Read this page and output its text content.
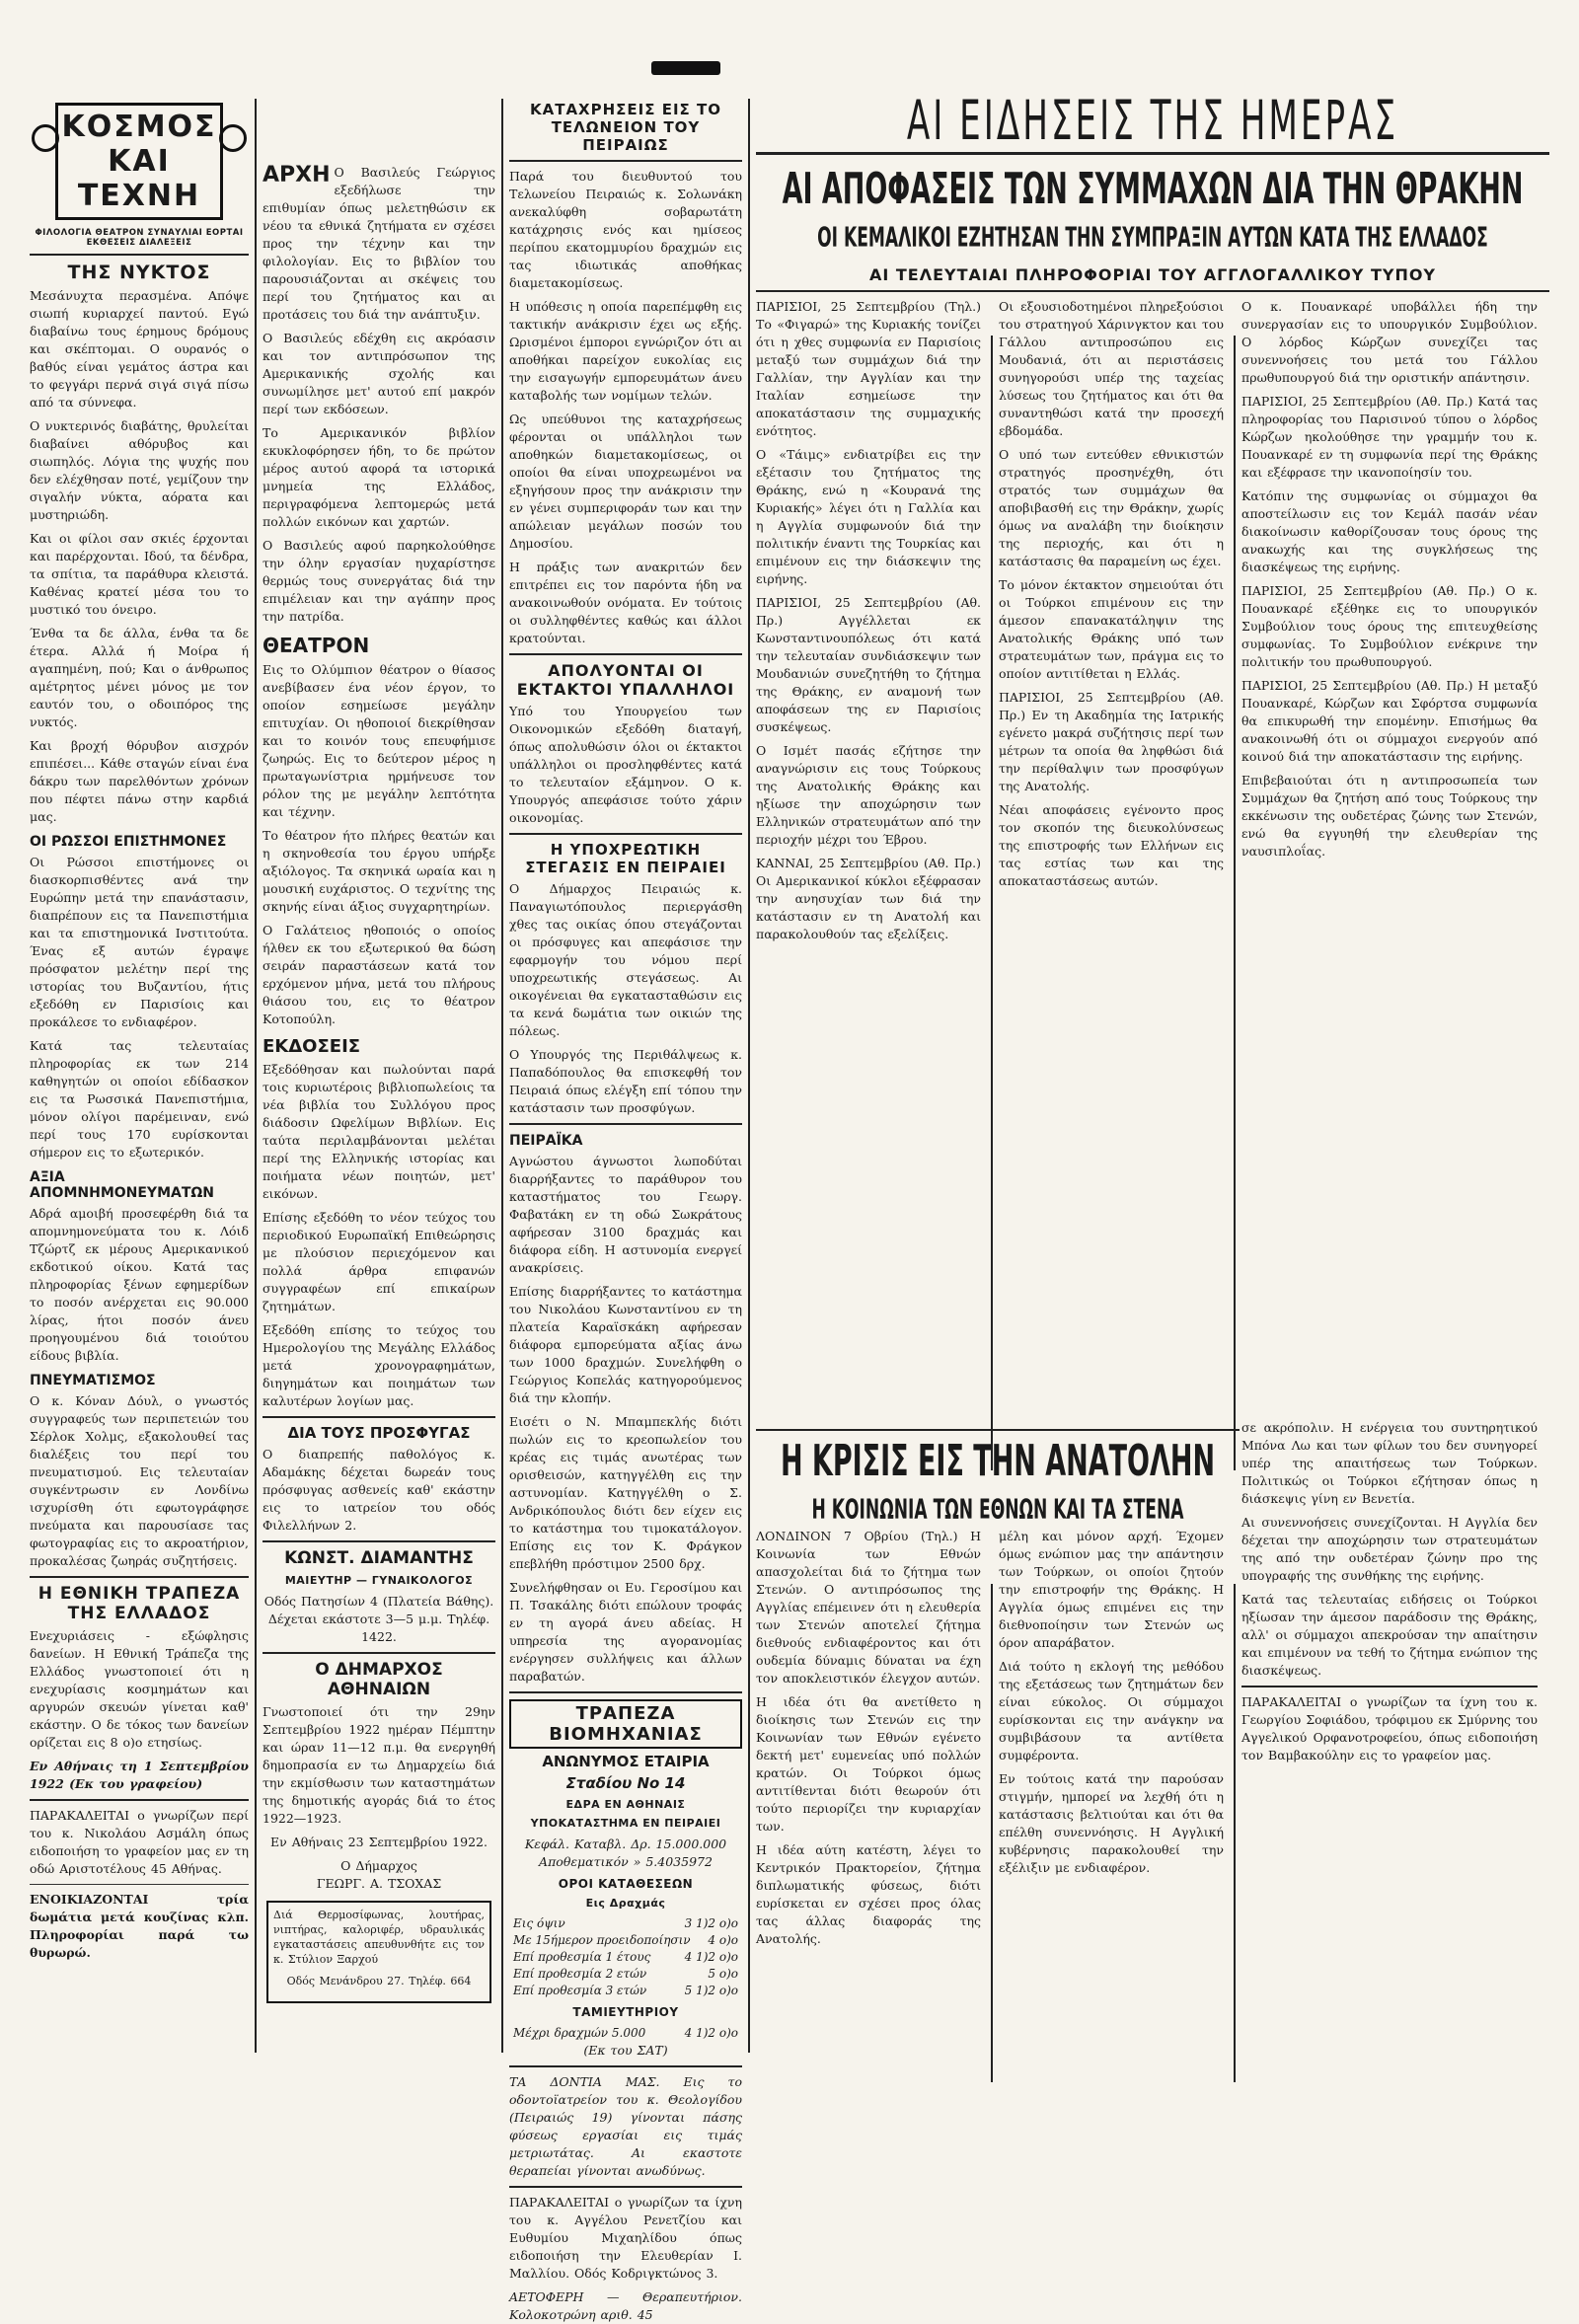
ΚΟΣΜΟΣ ΚΑΙ ΤΕΧΝΗ
ΦΙΛΟΛΟΓΙΑ ΘΕΑΤΡΟΝ ΣΥΝΑΥΛΙΑΙ ΕΟΡΤΑΙ ΕΚΘΕΣΕΙΣ ΔΙΑΛΕΞΕΙΣ
ΤΗΣ ΝΥΚΤΟΣ

Μεσάνυχτα περασμένα. Απόψε σιωπή κυριαρχεί παντού. Εγώ διαβαίνω τους έρημους δρόμους και σκέπτομαι. Ο ουρανός ο βαθύς είναι γεμάτος άστρα και το φεγγάρι περνά σιγά σιγά πίσω από τα σύννεφα.

Ο νυκτερινός διαβάτης, θρυλείται διαβαίνει αθόρυβος και σιωπηλός. Λόγια της ψυχής που δεν ελέχθησαν ποτέ, γεμίζουν την σιγαλήν νύκτα, αόρατα και μυστηριώδη.

Και οι φίλοι σαν σκιές έρχονται και παρέρχονται. Ιδού, τα δένδρα, τα σπίτια, τα παράθυρα κλειστά. Καθένας κρατεί μέσα του το μυστικό του όνειρο.

Ένθα τα δε άλλα, ένθα τα δε έτερα. Αλλά ή Μοίρα ή αγαπημένη, πού; Και ο άνθρωπος αμέτρητος μένει μόνος με τον εαυτόν του, ο οδοιπόρος της νυκτός.

Και βροχή θόρυβον αισχρόν επιπέσει... Κάθε σταγών είναι ένα δάκρυ των παρελθόντων χρόνων που πέφτει πάνω στην καρδιά μας.

ΟΙ ΡΩΣΣΟΙ ΕΠΙΣΤΗΜΟΝΕΣ

Οι Ρώσσοι επιστήμονες οι διασκορπισθέντες ανά την Ευρώπην μετά την επανάστασιν, διαπρέπουν εις τα Πανεπιστήμια και τα επιστημονικά Ινστιτούτα. Ένας εξ αυτών έγραψε πρόσφατον μελέτην περί της ιστορίας του Βυζαντίου, ήτις εξεδόθη εν Παρισίοις και προκάλεσε το ενδιαφέρον.

Κατά τας τελευταίας πληροφορίας εκ των 214 καθηγητών οι οποίοι εδίδασκον εις τα Ρωσσικά Πανεπιστήμια, μόνον ολίγοι παρέμειναν, ενώ περί τους 170 ευρίσκονται σήμερον εις το εξωτερικόν.

ΑΞΙΑ ΑΠΟΜΝΗΜΟΝΕΥΜΑΤΩΝ

Αδρά αμοιβή προσεφέρθη διά τα απομνημονεύματα του κ. Λόιδ Τζώρτζ εκ μέρους Αμερικανικού εκδοτικού οίκου. Κατά τας πληροφορίας ξένων εφημερίδων το ποσόν ανέρχεται εις 90.000 λίρας, ήτοι ποσόν άνευ προηγουμένου διά τοιούτου είδους βιβλία.

ΠΝΕΥΜΑΤΙΣΜΟΣ

Ο κ. Κόναν Δόυλ, ο γνωστός συγγραφεύς των περιπετειών του Σέρλοκ Χολμς, εξακολουθεί τας διαλέξεις του περί του πνευματισμού. Εις τελευταίαν συγκέντρωσιν εν Λονδίνω ισχυρίσθη ότι εφωτογράφησε πνεύματα και παρουσίασε τας φωτογραφίας εις το ακροατήριον, προκαλέσας ζωηράς συζητήσεις.

Η ΕΘΝΙΚΗ ΤΡΑΠΕΖΑ ΤΗΣ ΕΛΛΑΔΟΣ

Ενεχυριάσεις - εξώφλησις δανείων. Η Εθνική Τράπεζα της Ελλάδος γνωστοποιεί ότι η ενεχυρίασις κοσμημάτων και αργυρών σκευών γίνεται καθ' εκάστην. Ο δε τόκος των δανείων ορίζεται εις 8 ο)ο ετησίως.

Εν Αθήναις τη 1 Σεπτεμβρίου 1922 (Εκ του γραφείου)

ΠΑΡΑΚΑΛΕΙΤΑΙ ο γνωρίζων περί του κ. Νικολάου Ασμάλη όπως ειδοποιήση το γραφείον μας εν τη οδώ Αριστοτέλους 45 Αθήνας.

ΕΝΟΙΚΙΑΖΟΝΤΑΙ τρία δωμάτια μετά κουζίνας κλπ. Πληροφορίαι παρά τω θυρωρώ.

ΑΡΧΗ Ο Βασιλεύς Γεώργιος εξεδήλωσε την επιθυμίαν όπως μελετηθώσιν εκ νέου τα εθνικά ζητήματα εν σχέσει προς την τέχνην και την φιλολογίαν. Εις το βιβλίον του παρουσιάζονται αι σκέψεις του περί του ζητήματος και αι προτάσεις του διά την ανάπτυξιν.

Ο Βασιλεύς εδέχθη εις ακρόασιν και τον αντιπρόσωπον της Αμερικανικής σχολής και συνωμίλησε μετ' αυτού επί μακρόν περί των εκδόσεων.

Το Αμερικανικόν βιβλίον εκυκλοφόρησεν ήδη, το δε πρώτον μέρος αυτού αφορά τα ιστορικά μνημεία της Ελλάδος, περιγραφόμενα λεπτομερώς μετά πολλών εικόνων και χαρτών.

Ο Βασιλεύς αφού παρηκολούθησε την όλην εργασίαν ηυχαρίστησε θερμώς τους συνεργάτας διά την επιμέλειαν και την αγάπην προς την πατρίδα.

ΘΕΑΤΡΟΝ

Εις το Ολύμπιον θέατρον ο θίασος ανεβίβασεν ένα νέον έργον, το οποίον εσημείωσε μεγάλην επιτυχίαν. Οι ηθοποιοί διεκρίθησαν και το κοινόν τους επευφήμισε ζωηρώς. Εις το δεύτερον μέρος η πρωταγωνίστρια ηρμήνευσε τον ρόλον της με μεγάλην λεπτότητα και τέχνην.

Το θέατρον ήτο πλήρες θεατών και η σκηνοθεσία του έργου υπήρξε αξιόλογος. Τα σκηνικά ωραία και η μουσική ευχάριστος. Ο τεχνίτης της σκηνής είναι άξιος συγχαρητηρίων.

Ο Γαλάτειος ηθοποιός ο οποίος ήλθεν εκ του εξωτερικού θα δώση σειράν παραστάσεων κατά τον ερχόμενον μήνα, μετά του πλήρους θιάσου του, εις το θέατρον Κοτοπούλη.

ΕΚΔΟΣΕΙΣ

Εξεδόθησαν και πωλούνται παρά τοις κυριωτέροις βιβλιοπωλείοις τα νέα βιβλία του Συλλόγου προς διάδοσιν Ωφελίμων Βιβλίων. Εις ταύτα περιλαμβάνονται μελέται περί της Ελληνικής ιστορίας και ποιήματα νέων ποιητών, μετ' εικόνων.

Επίσης εξεδόθη το νέον τεύχος του περιοδικού Ευρωπαϊκή Επιθεώρησις με πλούσιον περιεχόμενον και πολλά άρθρα επιφανών συγγραφέων επί επικαίρων ζητημάτων.

Εξεδόθη επίσης το τεύχος του Ημερολογίου της Μεγάλης Ελλάδος μετά χρονογραφημάτων, διηγημάτων και ποιημάτων των καλυτέρων λογίων μας.

ΔΙΑ ΤΟΥΣ ΠΡΟΣΦΥΓΑΣ

Ο διαπρεπής παθολόγος κ. Αδαμάκης δέχεται δωρεάν τους πρόσφυγας ασθενείς καθ' εκάστην εις το ιατρείον του οδός Φιλελλήνων 2.

ΚΩΝΣΤ. ΔΙΑΜΑΝΤΗΣ
ΜΑΙΕΥΤΗΡ — ΓΥΝΑΙΚΟΛΟΓΟΣ

Οδός Πατησίων 4 (Πλατεία Βάθης). Δέχεται εκάστοτε 3—5 μ.μ. Τηλέφ. 1422.

Ο ΔΗΜΑΡΧΟΣ ΑΘΗΝΑΙΩΝ

Γνωστοποιεί ότι την 29ην Σεπτεμβρίου 1922 ημέραν Πέμπτην και ώραν 11—12 π.μ. θα ενεργηθή δημοπρασία εν τω Δημαρχείω διά την εκμίσθωσιν των καταστημάτων της δημοτικής αγοράς διά το έτος 1922—1923.

Εν Αθήναις 23 Σεπτεμβρίου 1922.

Ο Δήμαρχος

ΓΕΩΡΓ. Α. ΤΣΟΧΑΣ

Διά Θερμοσίφωνας, λουτήρας, νιπτήρας, καλοριφέρ, υδραυλικάς εγκαταστάσεις απευθυνθήτε εις τον κ. Στύλιον Ξαρχού

Οδός Μενάνδρου 27. Τηλέφ. 664

ΚΑΤΑΧΡΗΣΕΙΣ ΕΙΣ ΤΟ ΤΕΛΩΝΕΙΟΝ ΤΟΥ ΠΕΙΡΑΙΩΣ

Παρά του διευθυντού του Τελωνείου Πειραιώς κ. Σολωνάκη ανεκαλύφθη σοβαρωτάτη κατάχρησις ενός και ημίσεος περίπου εκατομμυρίου δραχμών εις τας ιδιωτικάς αποθήκας διαμετακομίσεως.

Η υπόθεσις η οποία παρεπέμφθη εις τακτικήν ανάκρισιν έχει ως εξής. Ωρισμένοι έμποροι εγνώριζον ότι αι αποθήκαι παρείχον ευκολίας εις την εισαγωγήν εμπορευμάτων άνευ καταβολής των νομίμων τελών.

Ως υπεύθυνοι της καταχρήσεως φέρονται οι υπάλληλοι των αποθηκών διαμετακομίσεως, οι οποίοι θα είναι υποχρεωμένοι να εξηγήσουν προς την ανάκρισιν την εν γένει συμπεριφοράν των και την απώλειαν μεγάλων ποσών του Δημοσίου.

Η πράξις των ανακριτών δεν επιτρέπει εις τον παρόντα ήδη να ανακοινωθούν ονόματα. Εν τούτοις οι συλληφθέντες καθώς και άλλοι κρατούνται.

ΑΠΟΛΥΟΝΤΑΙ ΟΙ ΕΚΤΑΚΤΟΙ ΥΠΑΛΛΗΛΟΙ

Υπό του Υπουργείου των Οικονομικών εξεδόθη διαταγή, όπως απολυθώσιν όλοι οι έκτακτοι υπάλληλοι οι προσληφθέντες κατά το τελευταίον εξάμηνον. Ο κ. Υπουργός απεφάσισε τούτο χάριν οικονομίας.

Η ΥΠΟΧΡΕΩΤΙΚΗ ΣΤΕΓΑΣΙΣ ΕΝ ΠΕΙΡΑΙΕΙ

Ο Δήμαρχος Πειραιώς κ. Παναγιωτόπουλος περιεργάσθη χθες τας οικίας όπου στεγάζονται οι πρόσφυγες και απεφάσισε την εφαρμογήν του νόμου περί υποχρεωτικής στεγάσεως. Αι οικογένειαι θα εγκατασταθώσιν εις τα κενά δωμάτια των οικιών της πόλεως.

Ο Υπουργός της Περιθάλψεως κ. Παπαδόπουλος θα επισκεφθή τον Πειραιά όπως ελέγξη επί τόπου την κατάστασιν των προσφύγων.

ΠΕΙΡΑΪΚΑ

Αγνώστου άγνωστοι λωποδύται διαρρήξαντες το παράθυρον του καταστήματος του Γεωργ. Φαβατάκη εν τη οδώ Σωκράτους αφήρεσαν 3100 δραχμάς και διάφορα είδη. Η αστυνομία ενεργεί ανακρίσεις.

Επίσης διαρρήξαντες το κατάστημα του Νικολάου Κωνσταντίνου εν τη πλατεία Καραϊσκάκη αφήρεσαν διάφορα εμπορεύματα αξίας άνω των 1000 δραχμών. Συνελήφθη ο Γεώργιος Κοπελάς κατηγορούμενος διά την κλοπήν.

Εισέτι ο Ν. Μπαμπεκλής διότι πωλών εις το κρεοπωλείον του κρέας εις τιμάς ανωτέρας των ορισθεισών, κατηγγέλθη εις την αστυνομίαν. Κατηγγέλθη ο Σ. Ανδρικόπουλος διότι δεν είχεν εις το κατάστημα του τιμοκατάλογον. Επίσης εις τον Κ. Φράγκον επεβλήθη πρόστιμον 2500 δρχ.

Συνελήφθησαν οι Ευ. Γεροσίμου και Π. Τσακάλης διότι επώλουν τροφάς εν τη αγορά άνευ αδείας. Η υπηρεσία της αγορανομίας ενέργησεν συλλήψεις και άλλων παραβατών.

ΤΡΑΠΕΖΑ ΒΙΟΜΗΧΑΝΙΑΣ
ΑΝΩΝΥΜΟΣ ΕΤΑΙΡΙΑ
Σταδίου Νο 14
ΕΔΡΑ ΕΝ ΑΘΗΝΑΙΣ
ΥΠΟΚΑΤΑΣΤΗΜΑ ΕΝ ΠΕΙΡΑΙΕΙ

Κεφάλ. Καταβλ. Δρ. 15.000.000

Αποθεματικόν » 5.4035972

ΟΡΟΙ ΚΑΤΑΘΕΣΕΩΝ
Εις Δραχμάς
Εις όψιν	3 1)2 ο)ο
Με 15ήμερον προειδοποίησιν 4 ο)ο
Επί προθεσμία 1 έτους	4 1)2 ο)ο
Επί προθεσμία 2 ετών	5 ο)ο
Επί προθεσμία 3 ετών	5 1)2 ο)ο
ΤΑΜΙΕΥΤΗΡΙΟΥ
Μέχρι δραχμών 5.000	4 1)2 ο)ο

(Εκ του ΣΑΤ)

ΤΑ ΔΟΝΤΙΑ ΜΑΣ. Εις το οδοντοϊατρείον του κ. Θεολογίδου (Πειραιώς 19) γίνονται πάσης φύσεως εργασίαι εις τιμάς μετριωτάτας. Αι εκαστοτε θεραπείαι γίνονται ανωδύνως.

ΠΑΡΑΚΑΛΕΙΤΑΙ ο γνωρίζων τα ίχνη του κ. Αγγέλου Ρενετζίου και Ευθυμίου Μιχαηλίδου όπως ειδοποιήση την Ελευθερίαν Ι. Μαλλίου. Οδός Κοδριγκτώνος 3.

ΑΕΤΟΦΕΡΗ — Θεραπευτήριον. Κολοκοτρώνη αριθ. 45

ΑΙ ΕΙΔΗΣΕΙΣ ΤΗΣ ΗΜΕΡΑΣ
ΑΙ ΑΠΟΦΑΣΕΙΣ ΤΩΝ ΣΥΜΜΑΧΩΝ ΔΙΑ ΤΗΝ ΘΡΑΚΗΝ
ΟΙ ΚΕΜΑΛΙΚΟΙ ΕΖΗΤΗΣΑΝ ΤΗΝ ΣΥΜΠΡΑΞΙΝ ΑΥΤΩΝ ΚΑΤΑ ΤΗΣ ΕΛΛΑΔΟΣ
ΑΙ ΤΕΛΕΥΤΑΙΑΙ ΠΛΗΡΟΦΟΡΙΑΙ ΤΟΥ ΑΓΓΛΟΓΑΛΛΙΚΟΥ ΤΥΠΟΥ

ΠΑΡΙΣΙΟΙ, 25 Σεπτεμβρίου (Τηλ.) Το «Φιγαρώ» της Κυριακής τονίζει ότι η χθες συμφωνία εν Παρισίοις μεταξύ των συμμάχων διά την Γαλλίαν, την Αγγλίαν και την Ιταλίαν εσημείωσε την αποκατάστασιν της συμμαχικής ενότητος.

Ο «Τάιμς» ενδιατρίβει εις την εξέτασιν του ζητήματος της Θράκης, ενώ η «Κουρανά της Κυριακής» λέγει ότι η Γαλλία και η Αγγλία συμφωνούν διά την πολιτικήν έναντι της Τουρκίας και επιμένουν εις την διάσκεψιν της ειρήνης.

ΠΑΡΙΣΙΟΙ, 25 Σεπτεμβρίου (Αθ. Πρ.) Αγγέλλεται εκ Κωνσταντινουπόλεως ότι κατά την τελευταίαν συνδιάσκεψιν των Μουδανιών συνεζητήθη το ζήτημα της Θράκης, εν αναμονή των αποφάσεων της εν Παρισίοις συσκέψεως.

Ο Ισμέτ πασάς εζήτησε την αναγνώρισιν εις τους Τούρκους της Ανατολικής Θράκης και ηξίωσε την αποχώρησιν των Ελληνικών στρατευμάτων από την περιοχήν μέχρι του Έβρου.

ΚΑΝΝΑΙ, 25 Σεπτεμβρίου (Αθ. Πρ.) Οι Αμερικανικοί κύκλοι εξέφρασαν την ανησυχίαν των διά την κατάστασιν εν τη Ανατολή και παρακολουθούν τας εξελίξεις.

Οι εξουσιοδοτημένοι πληρεξούσιοι του στρατηγού Χάρινγκτον και του Γάλλου αντιπροσώπου εις Μουδανιά, ότι αι περιστάσεις συνηγορούσι υπέρ της ταχείας λύσεως του ζητήματος και ότι θα συναντηθώσι κατά την προσεχή εβδομάδα.

Ο υπό των εντεύθεν εθνικιστών στρατηγός προσηνέχθη, ότι στρατός των συμμάχων θα αποβιβασθή εις την Θράκην, χωρίς όμως να αναλάβη την διοίκησιν της περιοχής, και ότι η κατάστασις θα παραμείνη ως έχει.

Το μόνον έκτακτον σημειούται ότι οι Τούρκοι επιμένουν εις την άμεσον επανακατάληψιν της Ανατολικής Θράκης υπό των στρατευμάτων των, πράγμα εις το οποίον αντιτίθεται η Ελλάς.

ΠΑΡΙΣΙΟΙ, 25 Σεπτεμβρίου (Αθ. Πρ.) Εν τη Ακαδημία της Ιατρικής εγένετο μακρά συζήτησις περί των μέτρων τα οποία θα ληφθώσι διά την περίθαλψιν των προσφύγων της Ανατολής.

Νέαι αποφάσεις εγένοντο προς τον σκοπόν της διευκολύνσεως της επιστροφής των Ελλήνων εις τας εστίας των και της αποκαταστάσεως αυτών.

Ο κ. Πουανκαρέ υποβάλλει ήδη την συνεργασίαν εις το υπουργικόν Συμβούλιον. Ο λόρδος Κώρζων συνεχίζει τας συνεννοήσεις του μετά του Γάλλου πρωθυπουργού διά την οριστικήν απάντησιν.

ΠΑΡΙΣΙΟΙ, 25 Σεπτεμβρίου (Αθ. Πρ.) Κατά τας πληροφορίας του Παρισινού τύπου ο λόρδος Κώρζων ηκολούθησε την γραμμήν του κ. Πουανκαρέ εν τη συμφωνία περί της Θράκης και εξέφρασε την ικανοποίησίν του.

Κατόπιν της συμφωνίας οι σύμμαχοι θα αποστείλωσιν εις τον Κεμάλ πασάν νέαν διακοίνωσιν καθορίζουσαν τους όρους της ανακωχής και της συγκλήσεως της διασκέψεως της ειρήνης.

ΠΑΡΙΣΙΟΙ, 25 Σεπτεμβρίου (Αθ. Πρ.) Ο κ. Πουανκαρέ εξέθηκε εις το υπουργικόν Συμβούλιον τους όρους της επιτευχθείσης συμφωνίας. Το Συμβούλιον ενέκρινε την πολιτικήν του πρωθυπουργού.

ΠΑΡΙΣΙΟΙ, 25 Σεπτεμβρίου (Αθ. Πρ.) Η μεταξύ Πουανκαρέ, Κώρζων και Σφόρτσα συμφωνία θα επικυρωθή την επομένην. Επισήμως θα ανακοινωθή ότι οι σύμμαχοι ενεργούν από κοινού διά την αποκατάστασιν της ειρήνης.

Επιβεβαιούται ότι η αντιπροσωπεία των Συμμάχων θα ζητήση από τους Τούρκους την εκκένωσιν της ουδετέρας ζώνης των Στενών, ενώ θα εγγυηθή την ελευθερίαν της ναυσιπλοΐας.

Η ΚΡΙΣΙΣ ΕΙΣ ΤΗΝ ΑΝΑΤΟΛΗΝ
Η ΚΟΙΝΩΝΙΑ ΤΩΝ ΕΘΝΩΝ ΚΑΙ ΤΑ ΣΤΕΝΑ

ΛΟΝΔΙΝΟΝ 7 Οβρίου (Τηλ.) Η Κοινωνία των Εθνών απασχολείται διά το ζήτημα των Στενών. Ο αντιπρόσωπος της Αγγλίας επέμεινεν ότι η ελευθερία των Στενών αποτελεί ζήτημα διεθνούς ενδιαφέροντος και ότι ουδεμία δύναμις δύναται να έχη τον αποκλειστικόν έλεγχον αυτών.

Η ιδέα ότι θα ανετίθετο η διοίκησις των Στενών εις την Κοινωνίαν των Εθνών εγένετο δεκτή μετ' ευμενείας υπό πολλών κρατών. Οι Τούρκοι όμως αντιτίθενται διότι θεωρούν ότι τούτο περιορίζει την κυριαρχίαν των.

Η ιδέα αύτη κατέστη, λέγει το Κεντρικόν Πρακτορείον, ζήτημα διπλωματικής φύσεως, διότι ευρίσκεται εν σχέσει προς όλας τας άλλας διαφοράς της Ανατολής.

μέλη και μόνον αρχή. Έχομεν όμως ενώπιον μας την απάντησιν των Τούρκων, οι οποίοι ζητούν την επιστροφήν της Θράκης. Η Αγγλία όμως επιμένει εις την διεθνοποίησιν των Στενών ως όρον απαράβατον.

Διά τούτο η εκλογή της μεθόδου της εξετάσεως των ζητημάτων δεν είναι εύκολος. Οι σύμμαχοι ευρίσκονται εις την ανάγκην να συμβιβάσουν τα αντίθετα συμφέροντα.

Εν τούτοις κατά την παρούσαν στιγμήν, ημπορεί να λεχθή ότι η κατάστασις βελτιούται και ότι θα επέλθη συνεννόησις. Η Αγγλική κυβέρνησις παρακολουθεί την εξέλιξιν με ενδιαφέρον.

σε ακρόπολιν. Η ενέργεια του συντηρητικού Μπόνα Λω και των φίλων του δεν συνηγορεί υπέρ της απαιτήσεως των Τούρκων. Πολιτικώς οι Τούρκοι εζήτησαν όπως η διάσκεψις γίνη εν Βενετία.

Αι συνεννοήσεις συνεχίζονται. Η Αγγλία δεν δέχεται την αποχώρησιν των στρατευμάτων της από την ουδετέραν ζώνην προ της υπογραφής της συνθήκης της ειρήνης.

Κατά τας τελευταίας ειδήσεις οι Τούρκοι ηξίωσαν την άμεσον παράδοσιν της Θράκης, αλλ' οι σύμμαχοι απεκρούσαν την απαίτησιν και επιμένουν να τεθή το ζήτημα ενώπιον της διασκέψεως.

ΠΑΡΑΚΑΛΕΙΤΑΙ ο γνωρίζων τα ίχνη του κ. Γεωργίου Σοφιάδου, τρόφιμου εκ Σμύρνης του Αγγελικού Ορφανοτροφείου, όπως ειδοποιήση τον Βαμβακούλην εις το γραφείον μας.
